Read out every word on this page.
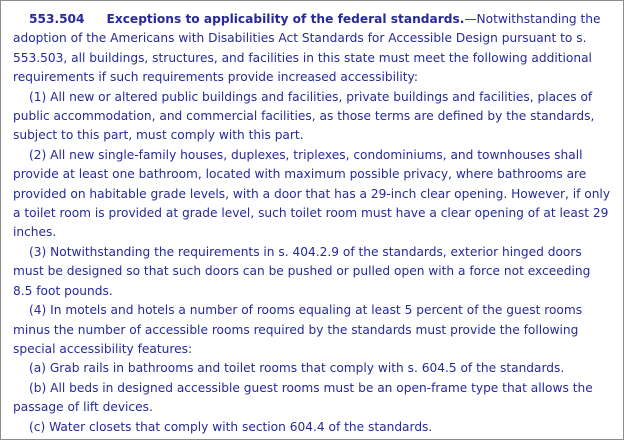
553.504 Exceptions to applicability of the federal standards.—Notwithstanding the adoption of the Americans with Disabilities Act Standards for Accessible Design pursuant to s. 553.503, all buildings, structures, and facilities in this state must meet the following additional requirements if such requirements provide increased accessibility:

(1) All new or altered public buildings and facilities, private buildings and facilities, places of public accommodation, and commercial facilities, as those terms are defined by the standards, subject to this part, must comply with this part.

(2) All new single-family houses, duplexes, triplexes, condominiums, and townhouses shall provide at least one bathroom, located with maximum possible privacy, where bathrooms are provided on habitable grade levels, with a door that has a 29-inch clear opening. However, if only a toilet room is provided at grade level, such toilet room must have a clear opening of at least 29 inches.

(3) Notwithstanding the requirements in s. 404.2.9 of the standards, exterior hinged doors must be designed so that such doors can be pushed or pulled open with a force not exceeding 8.5 foot pounds.

(4) In motels and hotels a number of rooms equaling at least 5 percent of the guest rooms minus the number of accessible rooms required by the standards must provide the following special accessibility features:

(a) Grab rails in bathrooms and toilet rooms that comply with s. 604.5 of the standards.

(b) All beds in designed accessible guest rooms must be an open-frame type that allows the passage of lift devices.

(c) Water closets that comply with section 604.4 of the standards.
